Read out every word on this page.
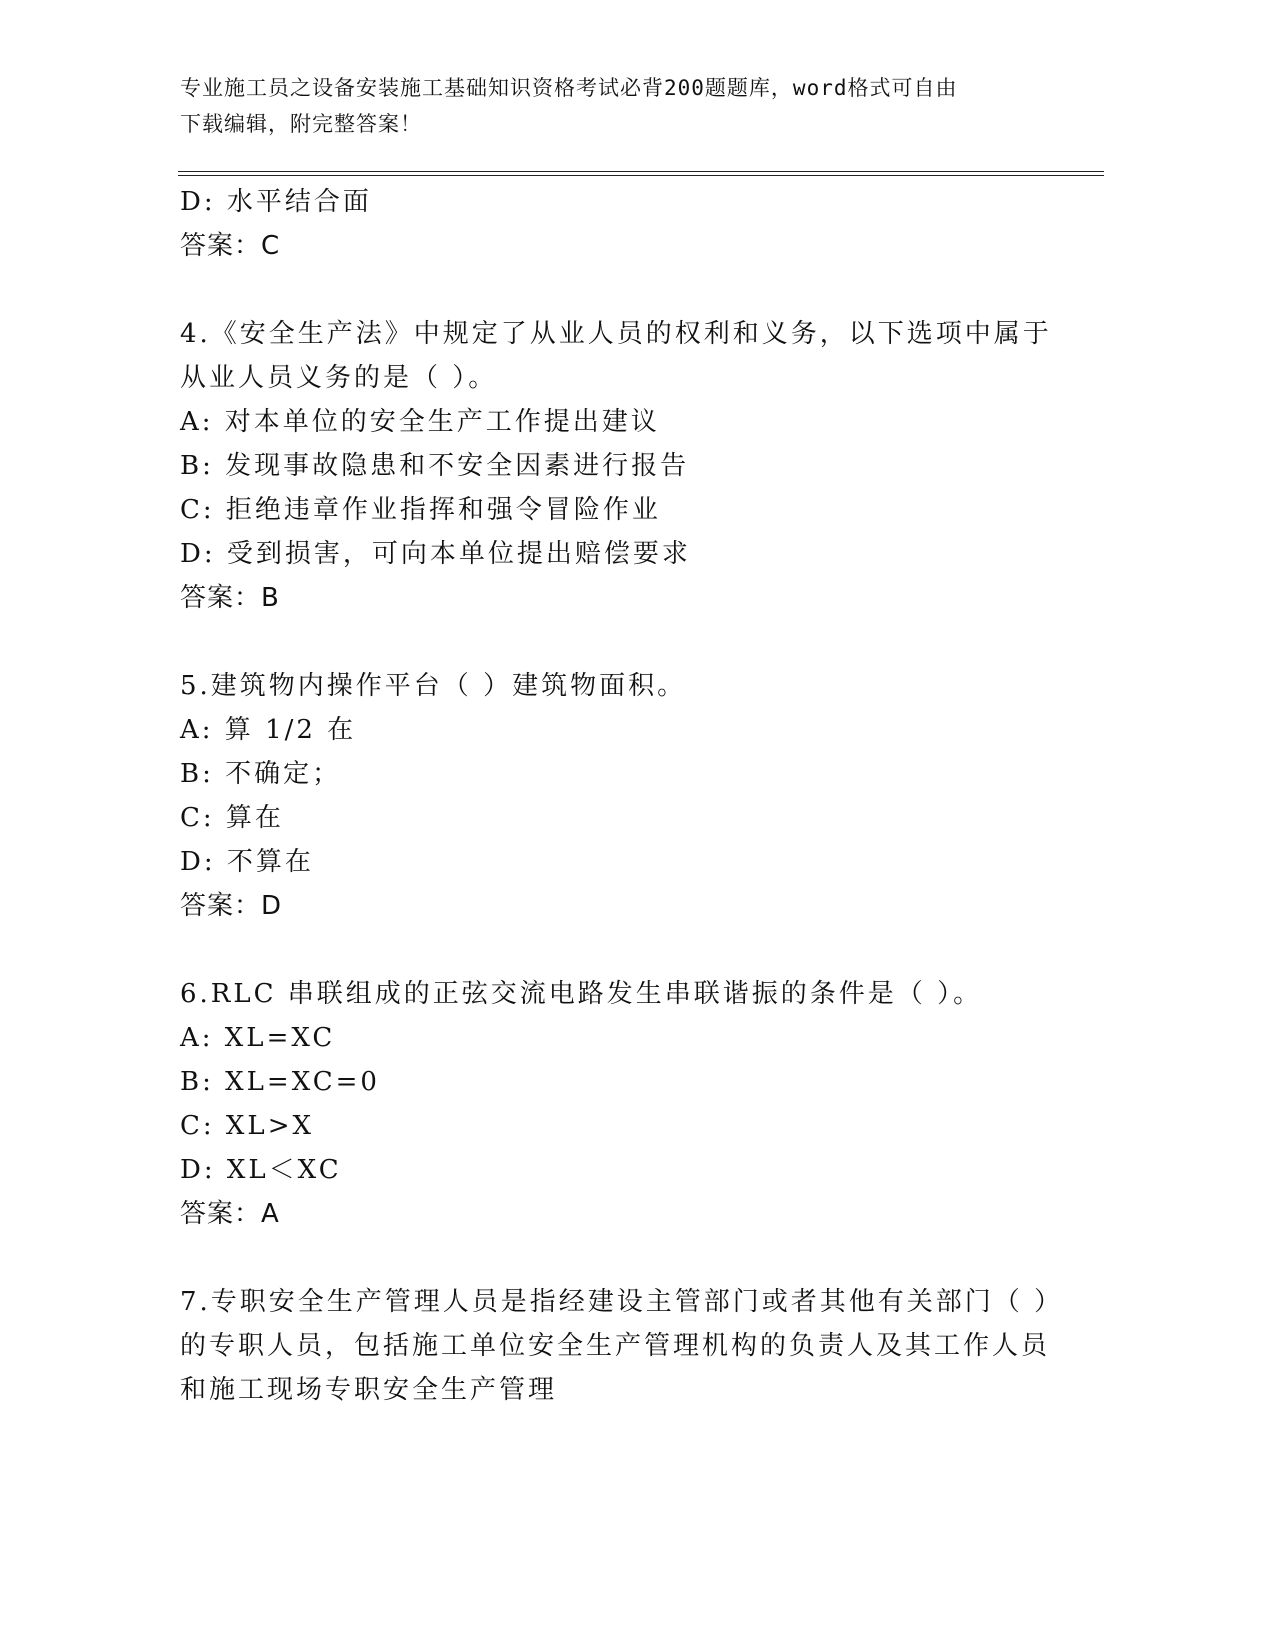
专业施工员之设备安装施工基础知识资格考试必背200题题库，word格式可自由
下载编辑，附完整答案！
D: 水平结合面
答案：C
4.《安全生产法》中规定了从业人员的权利和义务，以下选项中属于
从业人员义务的是（ ）。
A: 对本单位的安全生产工作提出建议
B: 发现事故隐患和不安全因素进行报告
C: 拒绝违章作业指挥和强令冒险作业
D: 受到损害，可向本单位提出赔偿要求
答案：B
5.建筑物内操作平台（ ）建筑物面积。
A: 算 1/2 在
B: 不确定；
C: 算在
D: 不算在
答案：D
6.RLC 串联组成的正弦交流电路发生串联谐振的条件是（ ）。
A: XL=XC
B: XL=XC=0
C: XL>X
D: XL＜XC
答案：A
7.专职安全生产管理人员是指经建设主管部门或者其他有关部门（ ）
的专职人员，包括施工单位安全生产管理机构的负责人及其工作人员
和施工现场专职安全生产管理
